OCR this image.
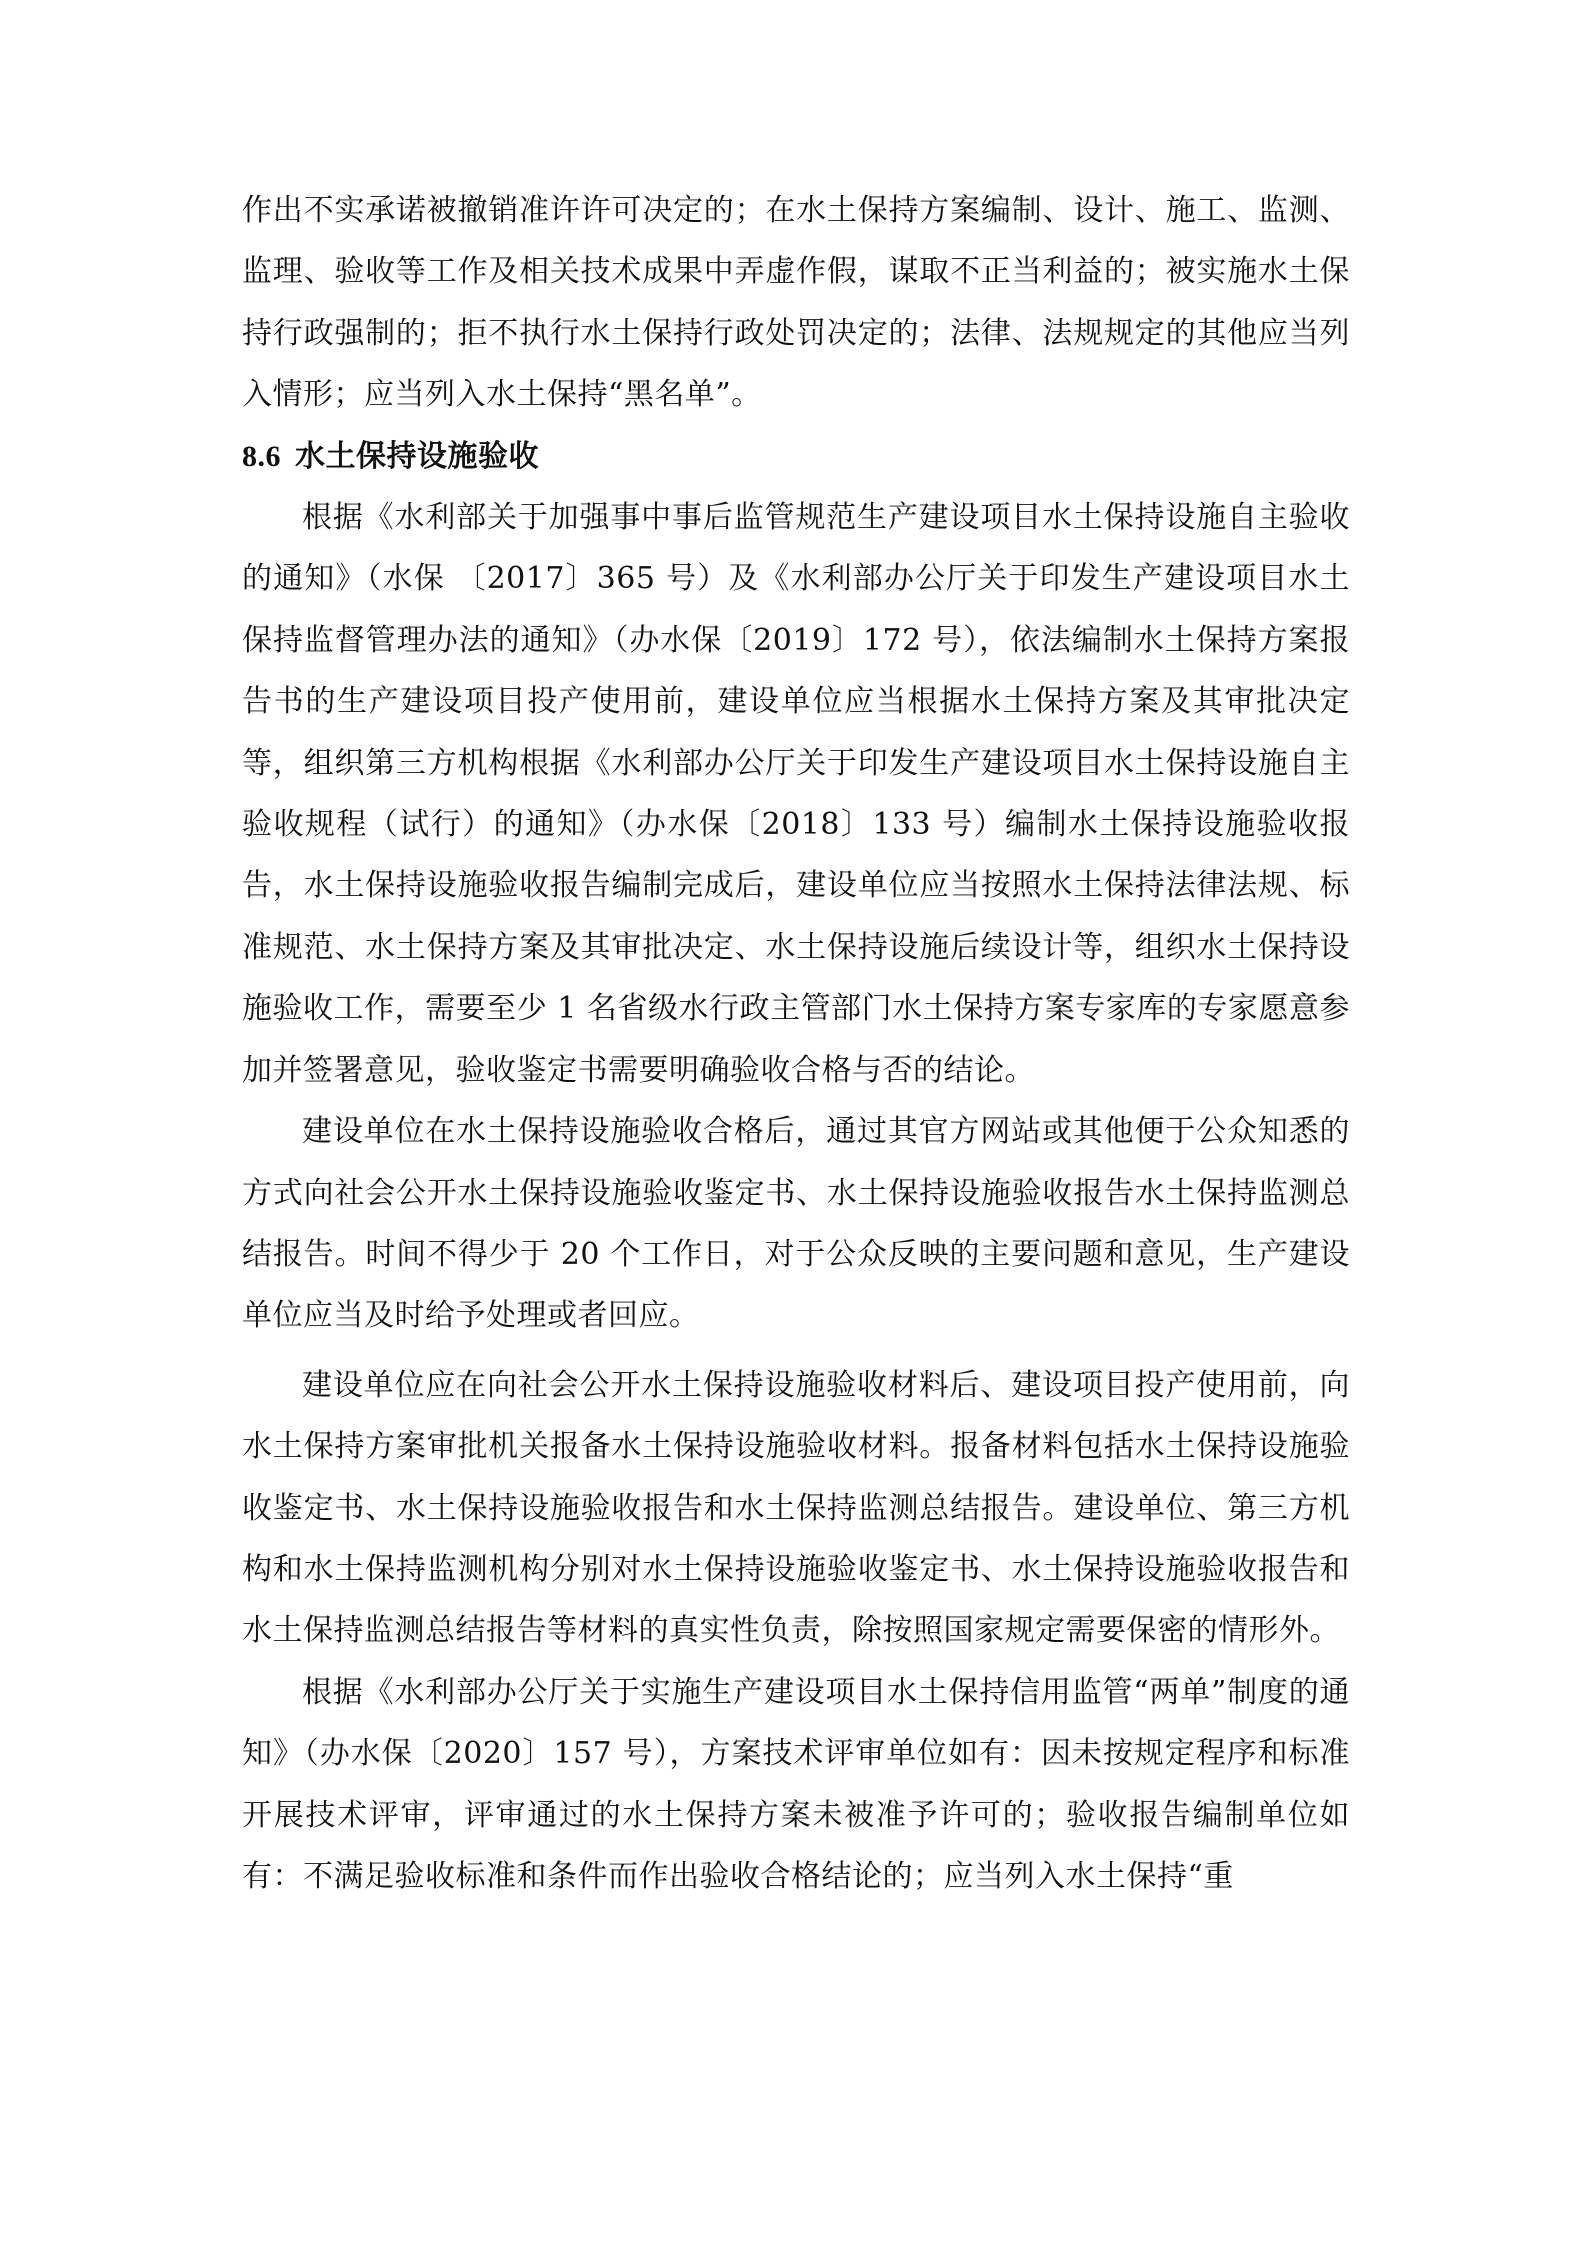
作出不实承诺被撤销准许许可决定的；在水土保持方案编制、设计、施工、监测、监理、验收等工作及相关技术成果中弄虚作假，谋取不正当利益的；被实施水土保持行政强制的；拒不执行水土保持行政处罚决定的；法律、法规规定的其他应当列入情形；应当列入水土保持“黑名单”。

8.6 水土保持设施验收

根据《水利部关于加强事中事后监管规范生产建设项目水土保持设施自主验收的通知》（水保 〔2017〕365 号）及《水利部办公厅关于印发生产建设项目水土保持监督管理办法的通知》（办水保〔2019〕172 号），依法编制水土保持方案报告书的生产建设项目投产使用前，建设单位应当根据水土保持方案及其审批决定等，组织第三方机构根据《水利部办公厅关于印发生产建设项目水土保持设施自主验收规程（试行）的通知》（办水保〔2018〕133 号）编制水土保持设施验收报告，水土保持设施验收报告编制完成后，建设单位应当按照水土保持法律法规、标准规范、水土保持方案及其审批决定、水土保持设施后续设计等，组织水土保持设施验收工作，需要至少 1 名省级水行政主管部门水土保持方案专家库的专家愿意参加并签署意见，验收鉴定书需要明确验收合格与否的结论。

建设单位在水土保持设施验收合格后，通过其官方网站或其他便于公众知悉的方式向社会公开水土保持设施验收鉴定书、水土保持设施验收报告水土保持监测总结报告。时间不得少于 20 个工作日，对于公众反映的主要问题和意见，生产建设单位应当及时给予处理或者回应。

建设单位应在向社会公开水土保持设施验收材料后、建设项目投产使用前，向水土保持方案审批机关报备水土保持设施验收材料。报备材料包括水土保持设施验收鉴定书、水土保持设施验收报告和水土保持监测总结报告。建设单位、第三方机构和水土保持监测机构分别对水土保持设施验收鉴定书、水土保持设施验收报告和水土保持监测总结报告等材料的真实性负责，除按照国家规定需要保密的情形外。

根据《水利部办公厅关于实施生产建设项目水土保持信用监管“两单”制度的通知》（办水保〔2020〕157 号），方案技术评审单位如有：因未按规定程序和标准开展技术评审，评审通过的水土保持方案未被准予许可的；验收报告编制单位如有：不满足验收标准和条件而作出验收合格结论的；应当列入水土保持“重
